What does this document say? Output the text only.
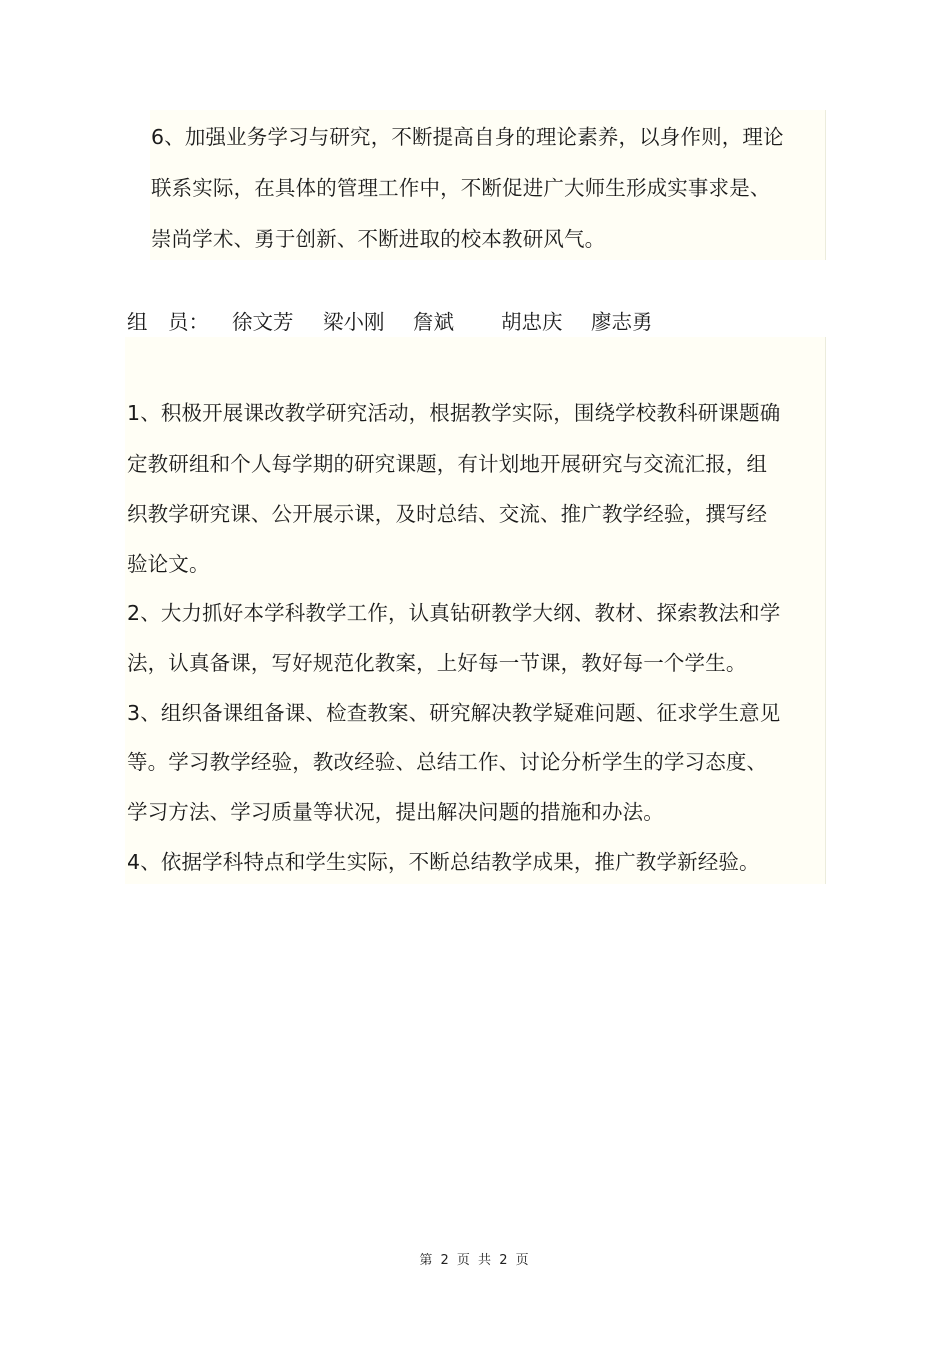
6、加强业务学习与研究，不断提高自身的理论素养，以身作则，理论
联系实际，在具体的管理工作中，不断促进广大师生形成实事求是、
崇尚学术、勇于创新、不断进取的校本教研风气。
组　员： 徐文芳 梁小刚 詹斌 胡忠庆 廖志勇
1、积极开展课改教学研究活动，根据教学实际，围绕学校教科研课题确
定教研组和个人每学期的研究课题，有计划地开展研究与交流汇报，组
织教学研究课、公开展示课，及时总结、交流、推广教学经验，撰写经
验论文。
2、大力抓好本学科教学工作，认真钻研教学大纲、教材、探索教法和学
法，认真备课，写好规范化教案，上好每一节课，教好每一个学生。
3、组织备课组备课、检查教案、研究解决教学疑难问题、征求学生意见
等。学习教学经验，教改经验、总结工作、讨论分析学生的学习态度、
学习方法、学习质量等状况，提出解决问题的措施和办法。
4、依据学科特点和学生实际，不断总结教学成果，推广教学新经验。
第 2 页 共 2 页
